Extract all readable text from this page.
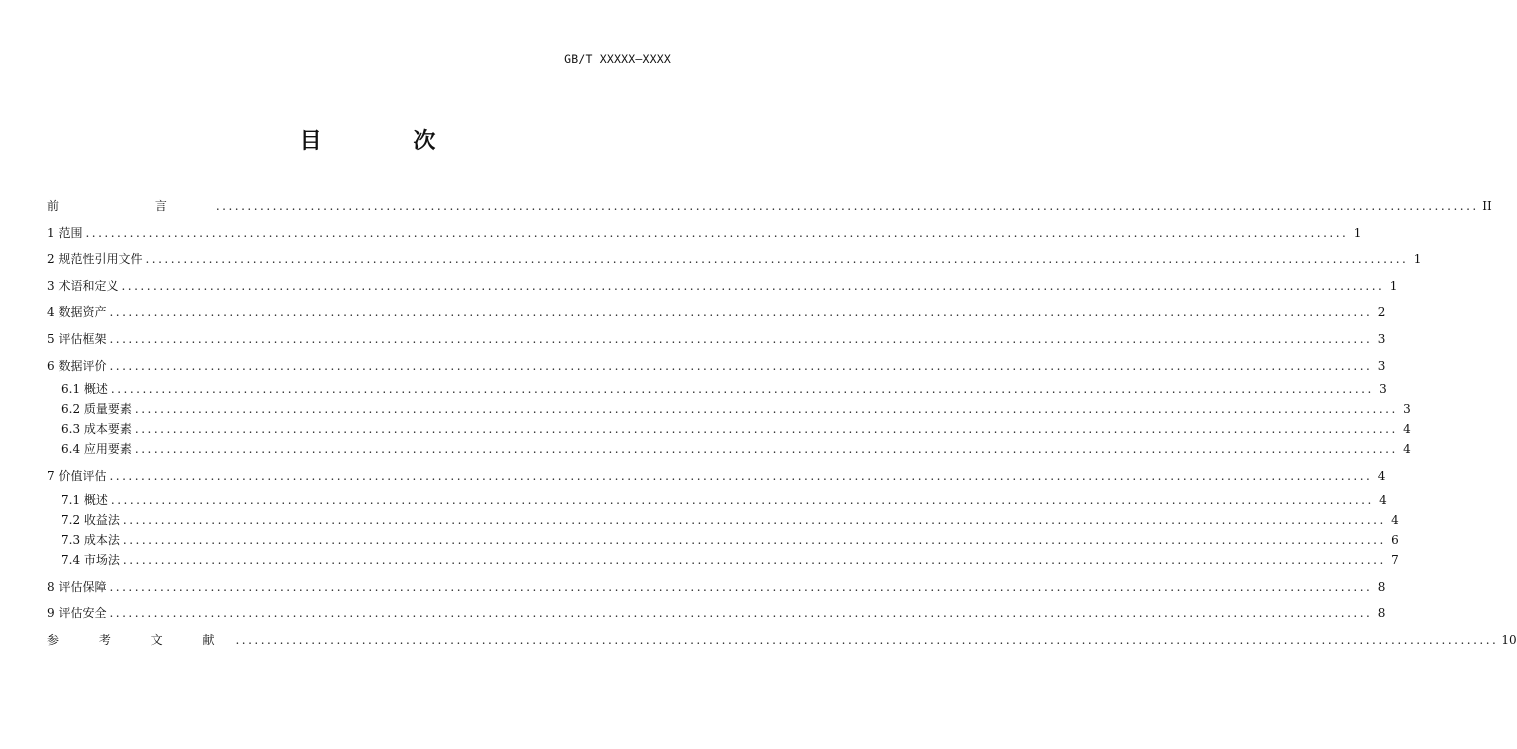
GB/T XXXXX—XXXX
目 次
前 言 ........................................................................................................................................................................................................ II
1 范围 ........................................................................................................................................................................................................ 1
2 规范性引用文件 ........................................................................................................................................................................................................ 1
3 术语和定义 ........................................................................................................................................................................................................ 1
4 数据资产 ........................................................................................................................................................................................................ 2
5 评估框架 ........................................................................................................................................................................................................ 3
6 数据评价 ........................................................................................................................................................................................................ 3
6.1 概述 ........................................................................................................................................................................................................ 3
6.2 质量要素 ........................................................................................................................................................................................................ 3
6.3 成本要素 ........................................................................................................................................................................................................ 4
6.4 应用要素 ........................................................................................................................................................................................................ 4
7 价值评估 ........................................................................................................................................................................................................ 4
7.1 概述 ........................................................................................................................................................................................................ 4
7.2 收益法 ........................................................................................................................................................................................................ 4
7.3 成本法 ........................................................................................................................................................................................................ 6
7.4 市场法 ........................................................................................................................................................................................................ 7
8 评估保障 ........................................................................................................................................................................................................ 8
9 评估安全 ........................................................................................................................................................................................................ 8
参 考 文 献 ........................................................................................................................................................................................................ 10
